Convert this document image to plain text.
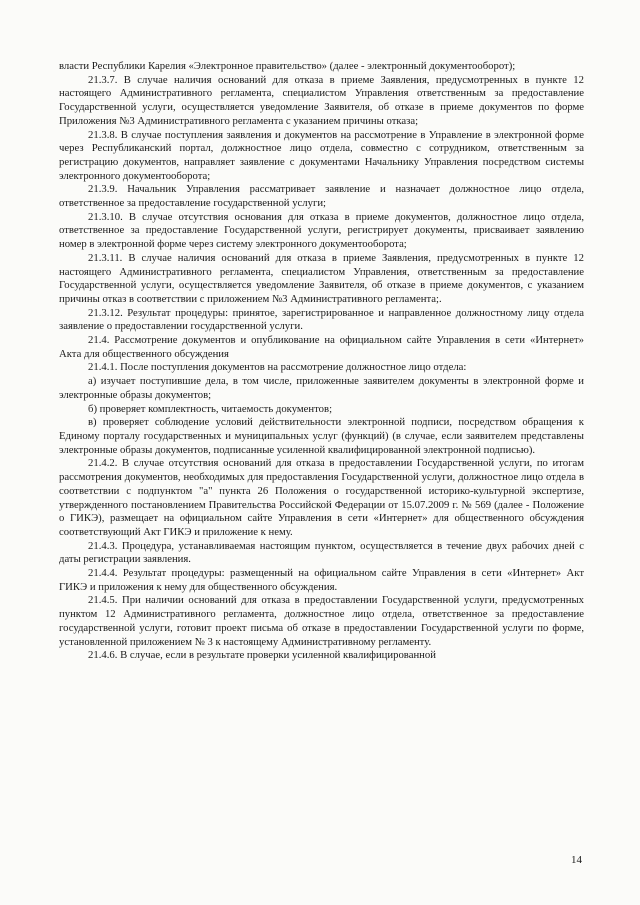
власти Республики Карелия «Электронное правительство» (далее - электронный документооборот);

21.3.7. В случае наличия оснований для отказа в приеме Заявления, предусмотренных в пункте 12 настоящего Административного регламента, специалистом Управления ответственным за предоставление Государственной услуги, осуществляется уведомление Заявителя, об отказе в приеме документов по форме Приложения №3 Административного регламента с указанием причины отказа;

21.3.8. В случае поступления заявления и документов на рассмотрение в Управление в электронной форме через Республиканский портал, должностное лицо отдела, совместно с сотрудником, ответственным за регистрацию документов, направляет заявление с документами Начальнику Управления посредством системы электронного документооборота;

21.3.9. Начальник Управления рассматривает заявление и назначает должностное лицо отдела, ответственное за предоставление государственной услуги;

21.3.10. В случае отсутствия основания для отказа в приеме документов, должностное лицо отдела, ответственное за предоставление Государственной услуги, регистрирует документы, присваивает заявлению номер в электронной форме через систему электронного документооборота;

21.3.11. В случае наличия оснований для отказа в приеме Заявления, предусмотренных в пункте 12 настоящего Административного регламента, специалистом Управления, ответственным за предоставление Государственной услуги, осуществляется уведомление Заявителя, об отказе в приеме документов, с указанием причины отказ в соответствии с приложением №3 Административного регламента;.

21.3.12. Результат процедуры: принятое, зарегистрированное и направленное должностному лицу отдела заявление о предоставлении государственной услуги.

21.4. Рассмотрение документов и опубликование на официальном сайте Управления в сети «Интернет» Акта для общественного обсуждения

21.4.1. После поступления документов на рассмотрение должностное лицо отдела:

а) изучает поступившие дела, в том числе, приложенные заявителем документы в электронной форме и электронные образы документов;

б) проверяет комплектность, читаемость документов;

в) проверяет соблюдение условий действительности электронной подписи, посредством обращения к Единому порталу государственных и муниципальных услуг (функций) (в случае, если заявителем представлены электронные образы документов, подписанные усиленной квалифицированной электронной подписью).

21.4.2. В случае отсутствия оснований для отказа в предоставлении Государственной услуги, по итогам рассмотрения документов, необходимых для предоставления Государственной услуги, должностное лицо отдела в соответствии с подпунктом "а" пункта 26 Положения о государственной историко-культурной экспертизе, утвержденного постановлением Правительства Российской Федерации от 15.07.2009 г. № 569 (далее - Положение о ГИКЭ), размещает на официальном сайте Управления в сети «Интернет» для общественного обсуждения соответствующий Акт ГИКЭ и приложение к нему.

21.4.3. Процедура, устанавливаемая настоящим пунктом, осуществляется в течение двух рабочих дней с даты регистрации заявления.

21.4.4. Результат процедуры: размещенный на официальном сайте Управления в сети «Интернет» Акт ГИКЭ и приложения к нему для общественного обсуждения.

21.4.5. При наличии оснований для отказа в предоставлении Государственной услуги, предусмотренных пунктом 12 Административного регламента, должностное лицо отдела, ответственное за предоставление государственной услуги, готовит проект письма об отказе в предоставлении Государственной услуги по форме, установленной приложением № 3 к настоящему Административному регламенту.

21.4.6. В случае, если в результате проверки усиленной квалифицированной

14
